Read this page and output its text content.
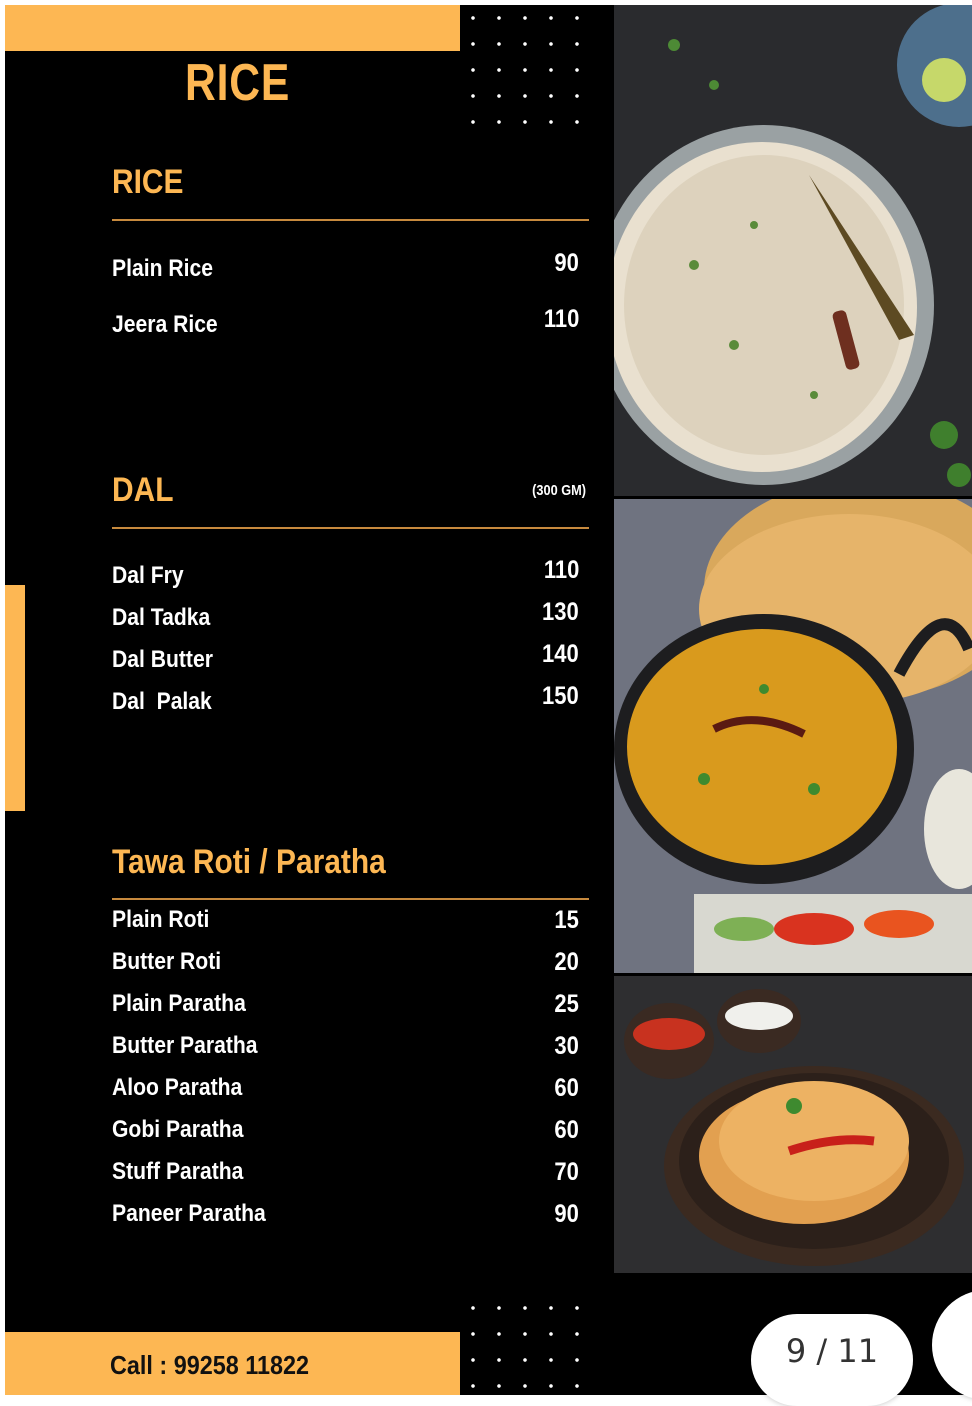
RICE
RICE
Plain Rice	90
Jeera Rice	110
DAL	(300 GM)
Dal Fry	110
Dal Tadka	130
Dal Butter	140
Dal  Palak	150
Tawa Roti / Paratha
Plain Roti	15
Butter Roti	20
Plain Paratha	25
Butter Paratha	30
Aloo Paratha	60
Gobi Paratha	60
Stuff Paratha	70
Paneer Paratha	90
Call : 99258 11822	9 / 11
